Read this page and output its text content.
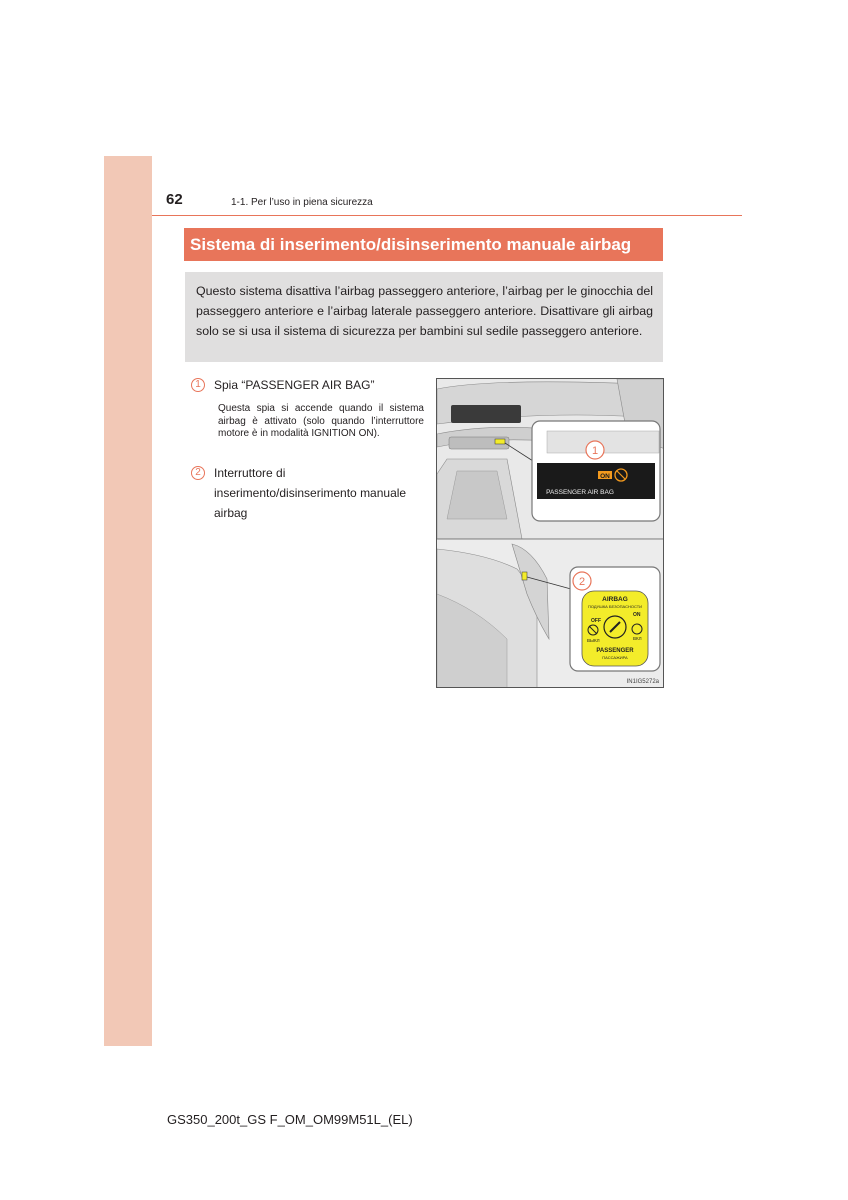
62	1-1. Per l’uso in piena sicurezza
Sistema di inserimento/disinserimento manuale airbag
Questo sistema disattiva l’airbag passeggero anteriore, l’airbag per le ginocchia del passeggero anteriore e l’airbag laterale passeggero anteriore. Disattivare gli airbag solo se si usa il sistema di sicurezza per bambini sul sedile passeggero anteriore.
1	Spia “PASSENGER AIR BAG”
Questa spia si accende quando il sistema airbag è attivato (solo quando l’interruttore motore è in modalità IGNITION ON).
2	Interruttore di inserimento/disinserimento manuale airbag
ON
PASSENGER AIR BAG
1
AIRBAG
ПОДУШКА БЕЗОПАСНОСТИ
OFF
ON
ВЫКЛ	ВКЛ
PASSENGER
ПАССАЖИРА
2
IN1IG5272a
GS350_200t_GS F_OM_OM99M51L_(EL)
